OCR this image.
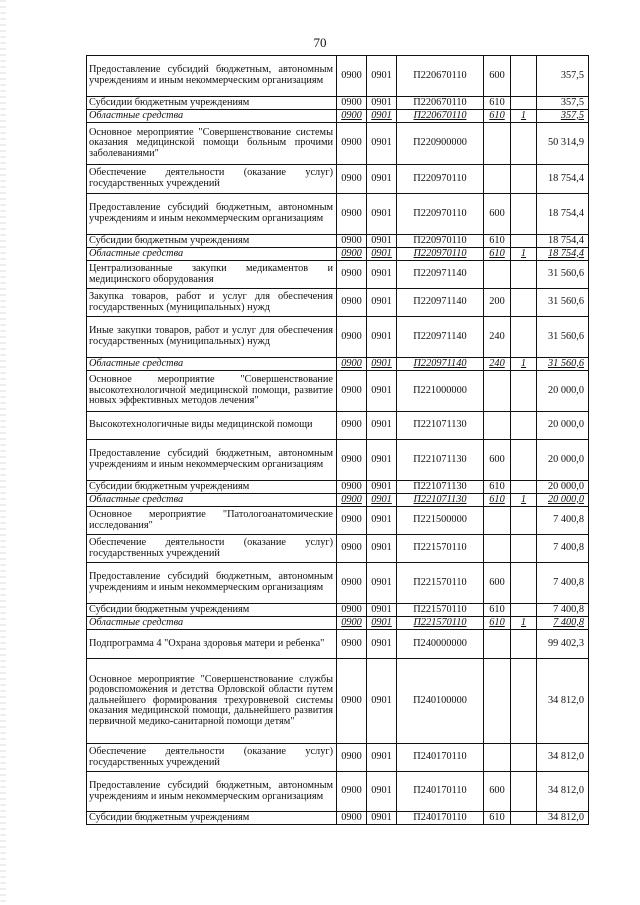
70
Предоставление субсидий бюджетным, автономным учреждениям и иным некоммерческим организациям	0900	0901	П220670110	600		357,5
Субсидии бюджетным учреждениям	0900	0901	П220670110	610		357,5
Областные средства	0900	0901	П220670110	610	1	357,5
Основное мероприятие "Совершенствование системы оказания медицинской помощи больным прочими заболеваниями"	0900	0901	П220900000			50 314,9
Обеспечение деятельности (оказание услуг) государственных учреждений	0900	0901	П220970110			18 754,4
Предоставление субсидий бюджетным, автономным учреждениям и иным некоммерческим организациям	0900	0901	П220970110	600		18 754,4
Субсидии бюджетным учреждениям	0900	0901	П220970110	610		18 754,4
Областные средства	0900	0901	П220970110	610	1	18 754,4
Централизованные закупки медикаментов и медицинского оборудования	0900	0901	П220971140			31 560,6
Закупка товаров, работ и услуг для обеспечения государственных (муниципальных) нужд	0900	0901	П220971140	200		31 560,6
Иные закупки товаров, работ и услуг для обеспечения государственных (муниципальных) нужд	0900	0901	П220971140	240		31 560,6
Областные средства	0900	0901	П220971140	240	1	31 560,6
Основное мероприятие "Совершенствование высокотехнологичной медицинской помощи, развитие новых эффективных методов лечения"	0900	0901	П221000000			20 000,0
Высокотехнологичные виды медицинской помощи	0900	0901	П221071130			20 000,0
Предоставление субсидий бюджетным, автономным учреждениям и иным некоммерческим организациям	0900	0901	П221071130	600		20 000,0
Субсидии бюджетным учреждениям	0900	0901	П221071130	610		20 000,0
Областные средства	0900	0901	П221071130	610	1	20 000,0
Основное мероприятие "Патологоанатомические исследования"	0900	0901	П221500000			7 400,8
Обеспечение деятельности (оказание услуг) государственных учреждений	0900	0901	П221570110			7 400,8
Предоставление субсидий бюджетным, автономным учреждениям и иным некоммерческим организациям	0900	0901	П221570110	600		7 400,8
Субсидии бюджетным учреждениям	0900	0901	П221570110	610		7 400,8
Областные средства	0900	0901	П221570110	610	1	7 400,8
Подпрограмма 4 "Охрана здоровья матери и ребенка"	0900	0901	П240000000			99 402,3
Основное мероприятие "Совершенствование службы родовспоможения и детства Орловской области путем дальнейшего формирования трехуровневой системы оказания медицинской помощи, дальнейшего развития первичной медико-санитарной помощи детям"	0900	0901	П240100000			34 812,0
Обеспечение деятельности (оказание услуг) государственных учреждений	0900	0901	П240170110			34 812,0
Предоставление субсидий бюджетным, автономным учреждениям и иным некоммерческим организациям	0900	0901	П240170110	600		34 812,0
Субсидии бюджетным учреждениям	0900	0901	П240170110	610		34 812,0
